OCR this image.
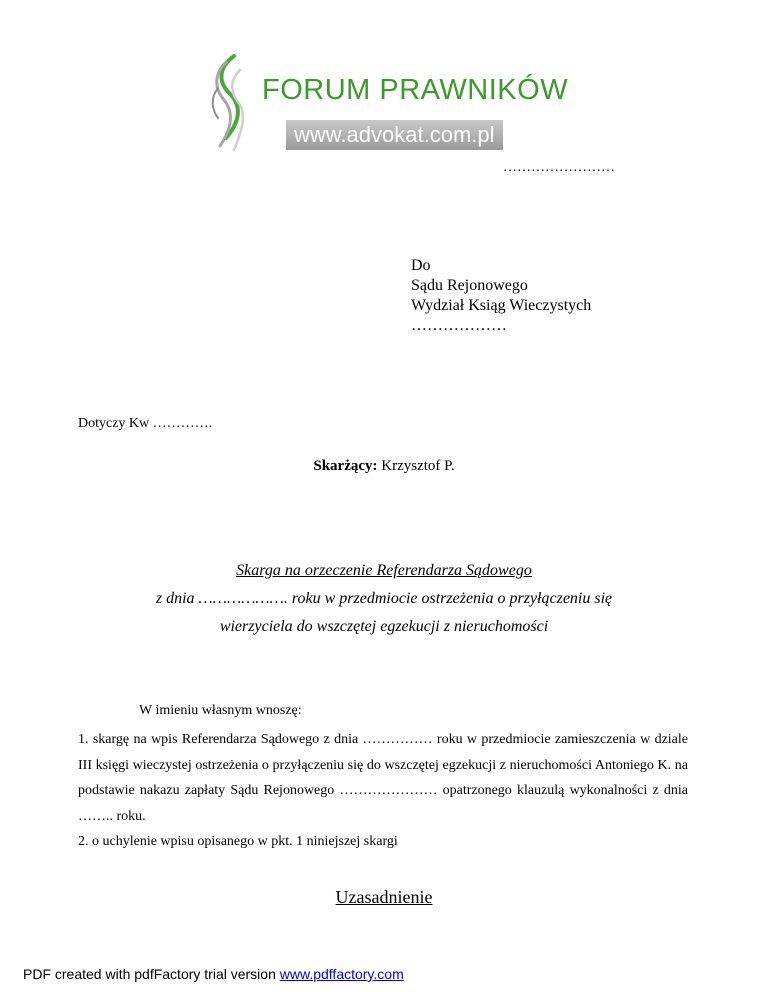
FORUM PRAWNIKÓW
www.advokat.com.pl
……………………
Do
Sądu Rejonowego
Wydział Ksiąg Wieczystych
………………
Dotyczy Kw ………….
Skarżący: Krzysztof P.
Skarga na orzeczenie Referendarza Sądowego
z dnia ………………. roku w przedmiocie ostrzeżenia o przyłączeniu się
wierzyciela do wszczętej egzekucji z nieruchomości
W imieniu własnym wnoszę:
1. skargę na wpis Referendarza Sądowego z dnia …………… roku w przedmiocie zamieszczenia w dziale III księgi wieczystej ostrzeżenia o przyłączeniu się do wszczętej egzekucji z nieruchomości Antoniego K. na podstawie nakazu zapłaty Sądu Rejonowego ………………… opatrzonego klauzulą wykonalności z dnia …….. roku.
2. o uchylenie wpisu opisanego w pkt. 1 niniejszej skargi
Uzasadnienie
PDF created with pdfFactory trial version www.pdffactory.com
